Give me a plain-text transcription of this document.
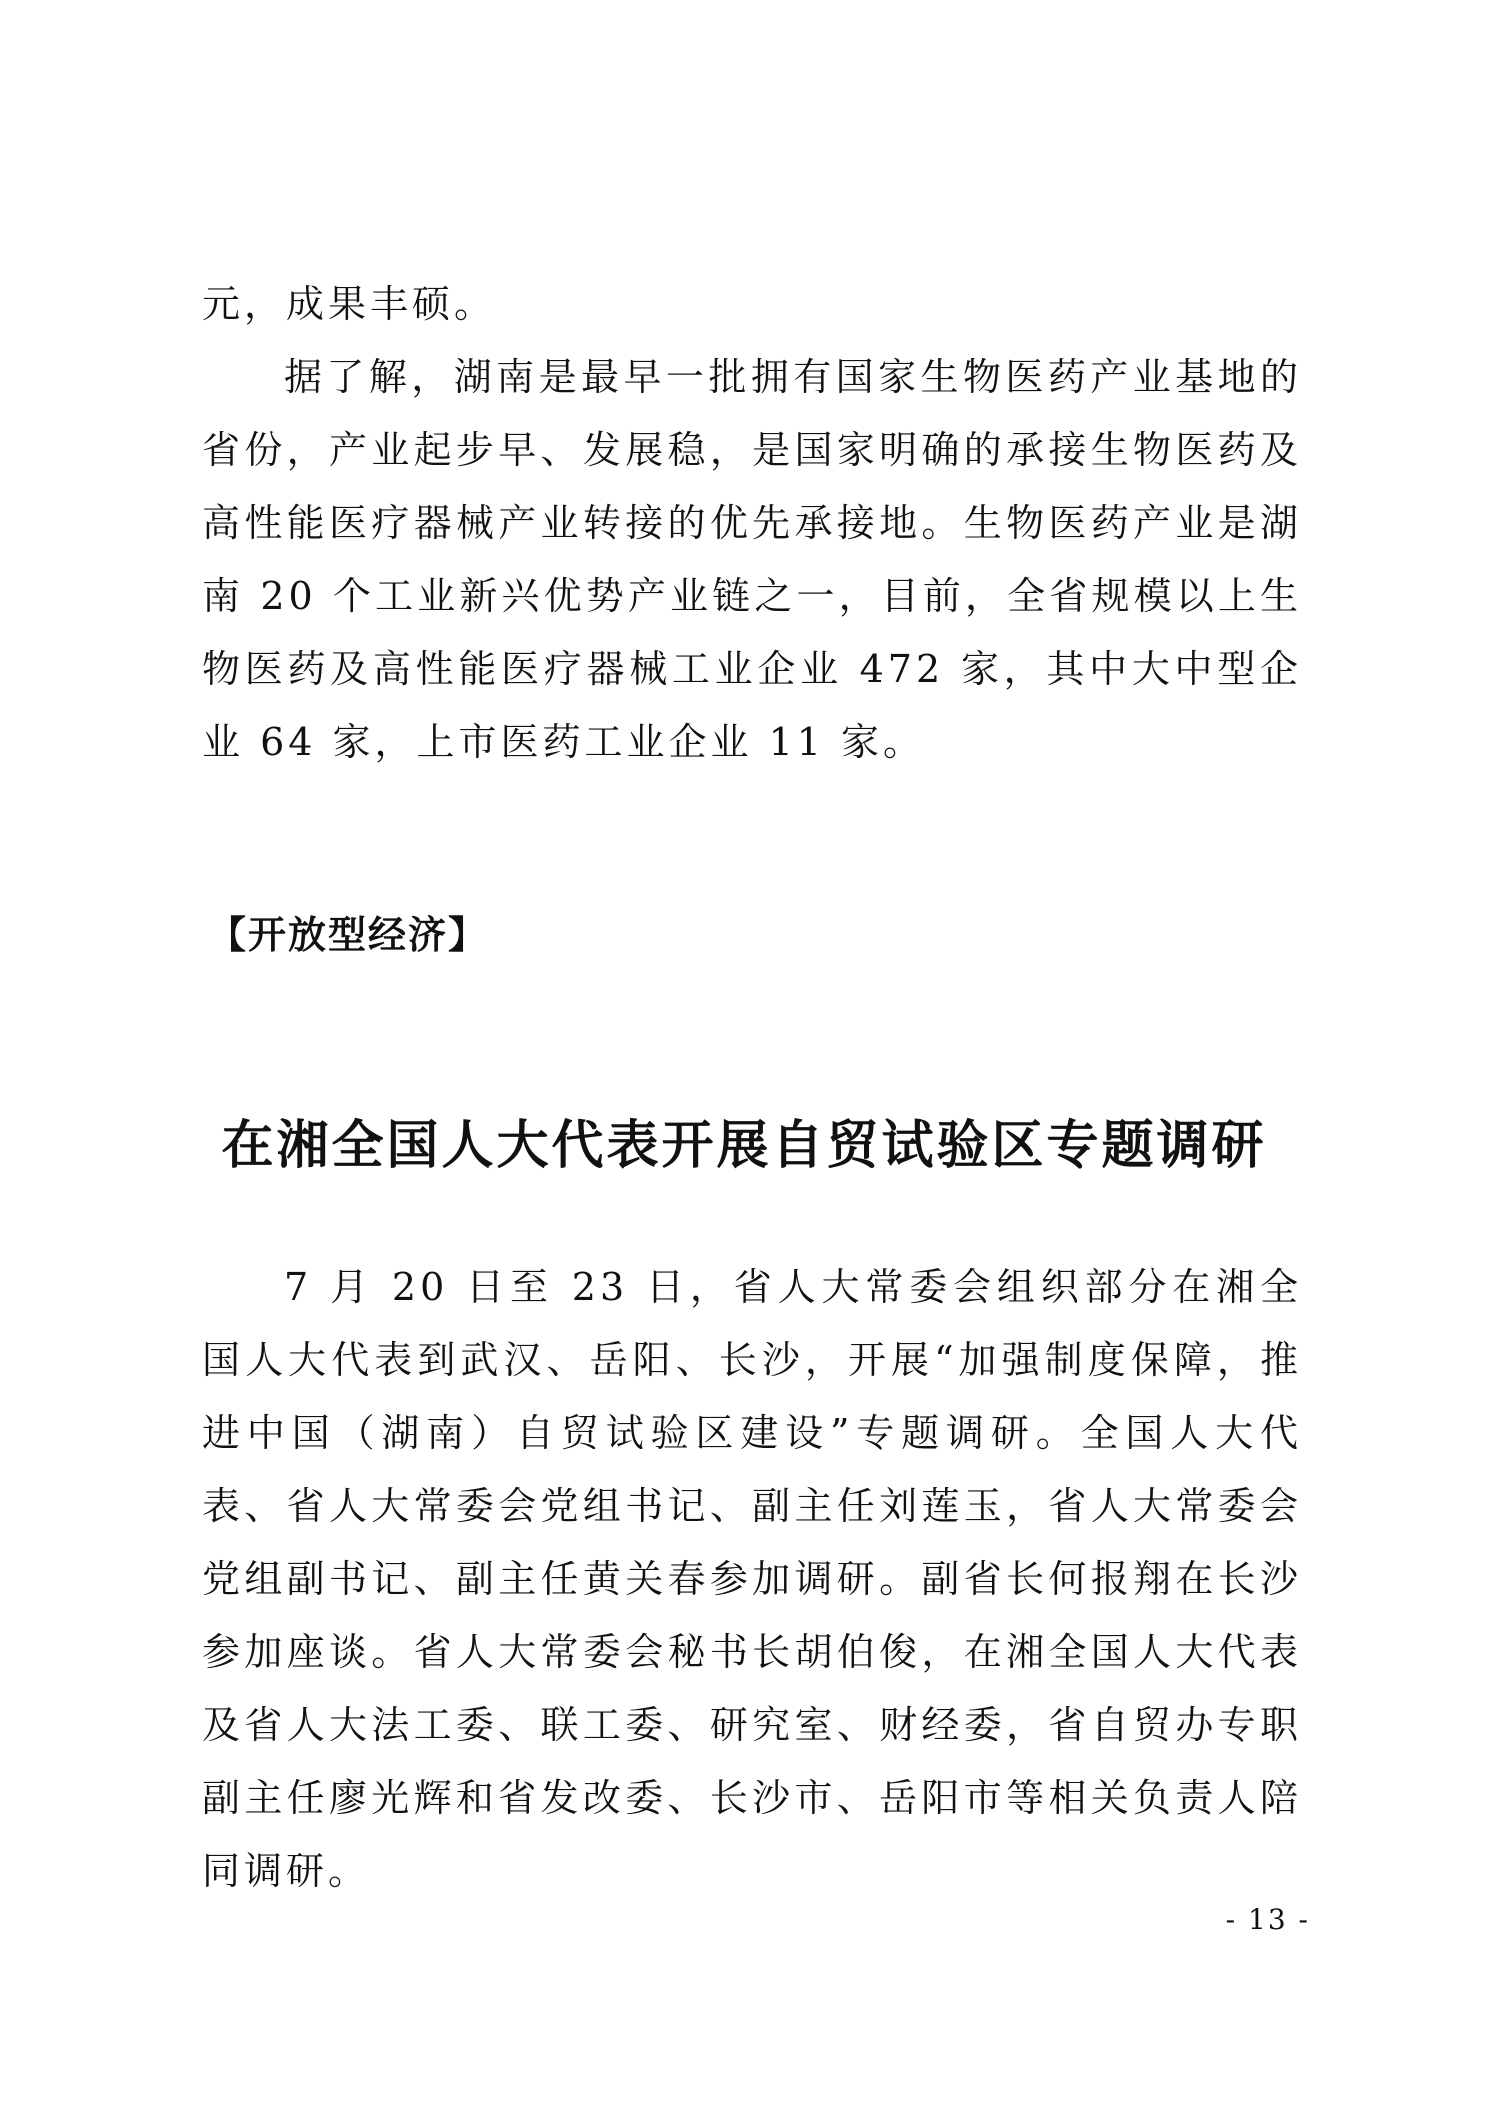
元，成果丰硕。

据了解，湖南是最早一批拥有国家生物医药产业基地的省份，产业起步早、发展稳，是国家明确的承接生物医药及高性能医疗器械产业转接的优先承接地。生物医药产业是湖南 20 个工业新兴优势产业链之一，目前，全省规模以上生物医药及高性能医疗器械工业企业 472 家，其中大中型企业 64 家，上市医药工业企业 11 家。

【开放型经济】
在湘全国人大代表开展自贸试验区专题调研

7 月 20 日至 23 日，省人大常委会组织部分在湘全国人大代表到武汉、岳阳、长沙，开展“加强制度保障，推进中国（湖南）自贸试验区建设”专题调研。全国人大代表、省人大常委会党组书记、副主任刘莲玉，省人大常委会党组副书记、副主任黄关春参加调研。副省长何报翔在长沙参加座谈。省人大常委会秘书长胡伯俊，在湘全国人大代表及省人大法工委、联工委、研究室、财经委，省自贸办专职副主任廖光辉和省发改委、长沙市、岳阳市等相关负责人陪同调研。

- 13 -
